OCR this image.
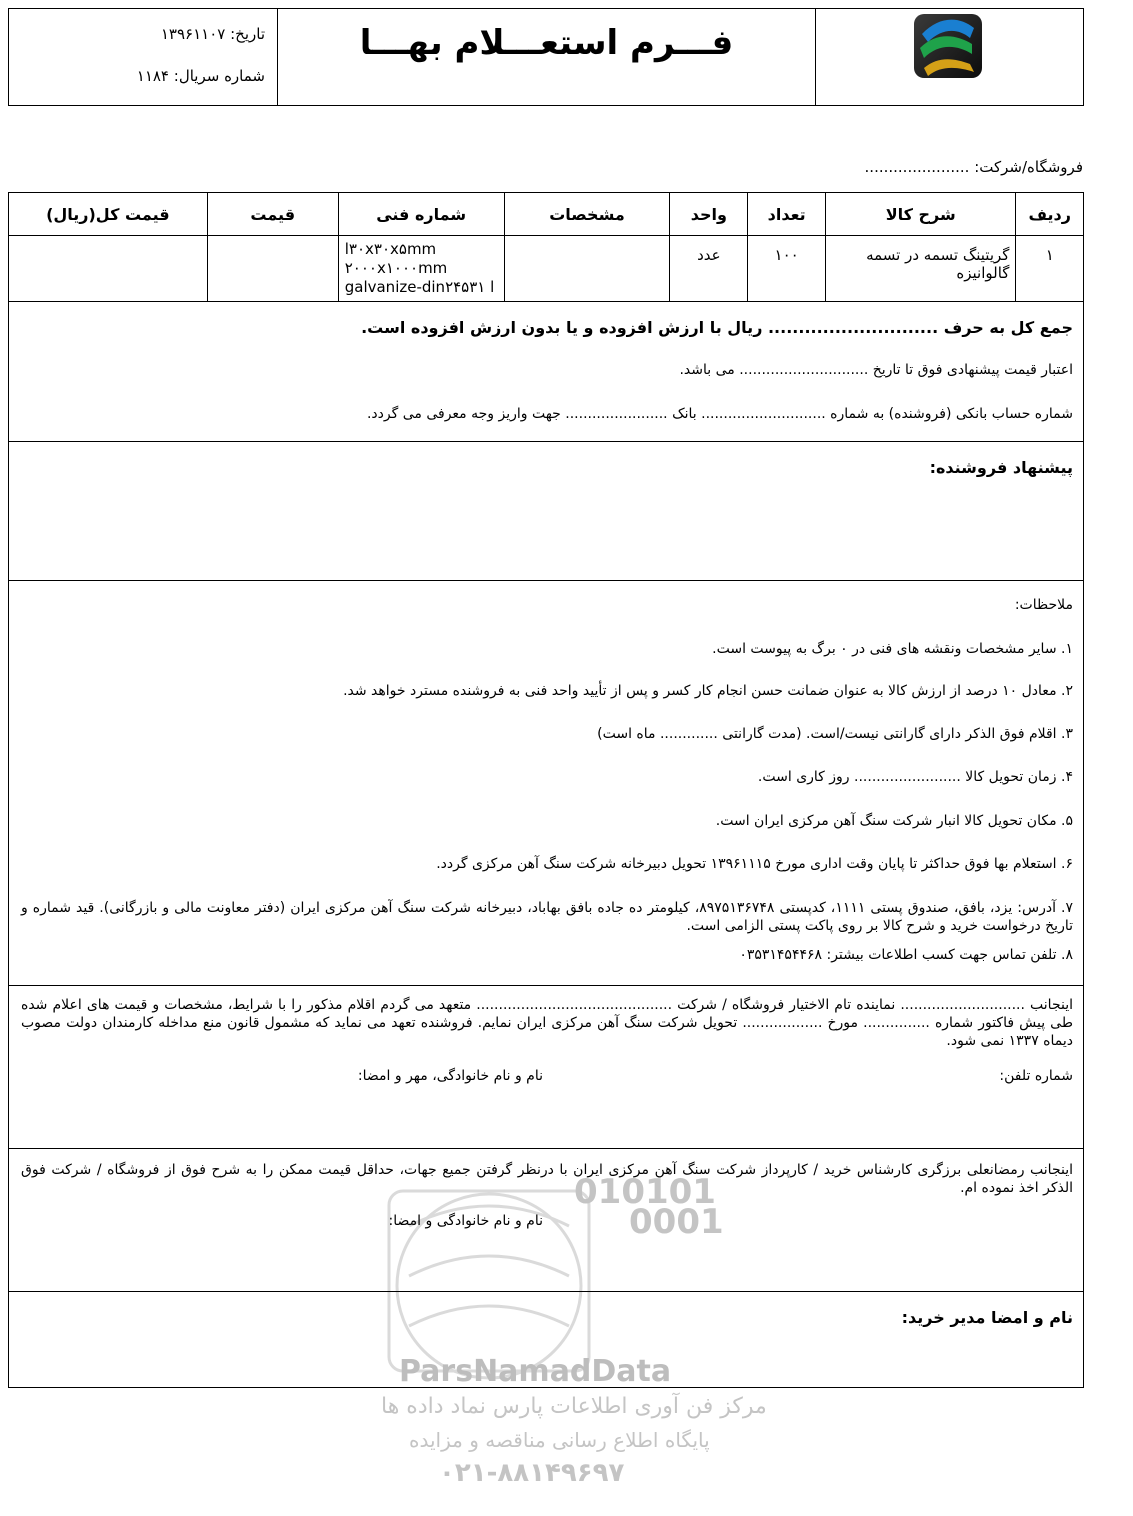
تاریخ: ۱۳۹۶۱۱۰۷
شماره سریال: ۱۱۸۴
فـــرم استعـــلام بهـــا
فروشگاه/شرکت: ......................
ردیف	شرح کالا	تعداد	واحد	مشخصات	شماره فنی	قیمت	قیمت کل(ریال)
۱	گریتینگ تسمه در تسمه گالوانیزه	۱۰۰	عدد		l۳۰x۳۰x۵mm
۲۰۰۰x۱۰۰۰mm
galvanize-din۲۴۵۳۱ l		

جمع کل به حرف ............................ ریال با ارزش افزوده و یا بدون ارزش افزوده است.
اعتبار قیمت پیشنهادی فوق تا تاریخ ............................. می باشد.
شماره حساب بانکی (فروشنده) به شماره ............................ بانک ....................... جهت واریز وجه معرفی می گردد.
پیشنهاد فروشنده:
010101
0001
ParsNamadData
مرکز فن آوری اطلاعات پارس نماد داده ها
پایگاه اطلاع رسانی مناقصه و مزایده
۰۲۱-۸۸۱۴۹۶۹۷
ملاحظات:
۱. سایر مشخصات ونقشه های فنی در ۰ برگ به پیوست است.
۲. معادل ۱۰ درصد از ارزش کالا به عنوان ضمانت حسن انجام کار کسر و پس از تأیید واحد فنی به فروشنده مسترد خواهد شد.
۳. اقلام فوق الذکر دارای گارانتی نیست/است. (مدت گارانتی ............. ماه است)
۴. زمان تحویل کالا ........................ روز کاری است.
۵. مکان تحویل کالا انبار شرکت سنگ آهن مرکزی ایران است.
۶. استعلام بها فوق حداکثر تا پایان وقت اداری مورخ ۱۳۹۶۱۱۱۵ تحویل دبیرخانه شرکت سنگ آهن مرکزی گردد.
۷. آدرس: یزد، بافق، صندوق پستی ۱۱۱۱، کدپستی ۸۹۷۵۱۳۶۷۴۸، کیلومتر ده جاده بافق بهاباد، دبیرخانه شرکت سنگ آهن مرکزی ایران (دفتر معاونت مالی و بازرگانی). قید شماره و تاریخ درخواست خرید و شرح کالا بر روی پاکت پستی الزامی است.
۸. تلفن تماس جهت کسب اطلاعات بیشتر: ۰۳۵۳۱۴۵۴۴۶۸
اینجانب ............................ نماینده تام الاختیار فروشگاه / شرکت ............................................ متعهد می گردم اقلام مذکور را با شرایط، مشخصات و قیمت های اعلام شده طی پیش فاکتور شماره ............... مورخ .................. تحویل شرکت سنگ آهن مرکزی ایران نمایم. فروشنده تعهد می نماید که مشمول قانون منع مداخله کارمندان دولت مصوب دیماه ۱۳۳۷ نمی شود.
شماره تلفن:
نام و نام خانوادگی، مهر و امضا:
اینجانب رمضانعلی برزگری کارشناس خرید / کارپرداز شرکت سنگ آهن مرکزی ایران با درنظر گرفتن جمیع جهات، حداقل قیمت ممکن را به شرح فوق از فروشگاه / شرکت فوق الذکر اخذ نموده ام.
نام و نام خانوادگی و امضا:
نام و امضا مدیر خرید:
